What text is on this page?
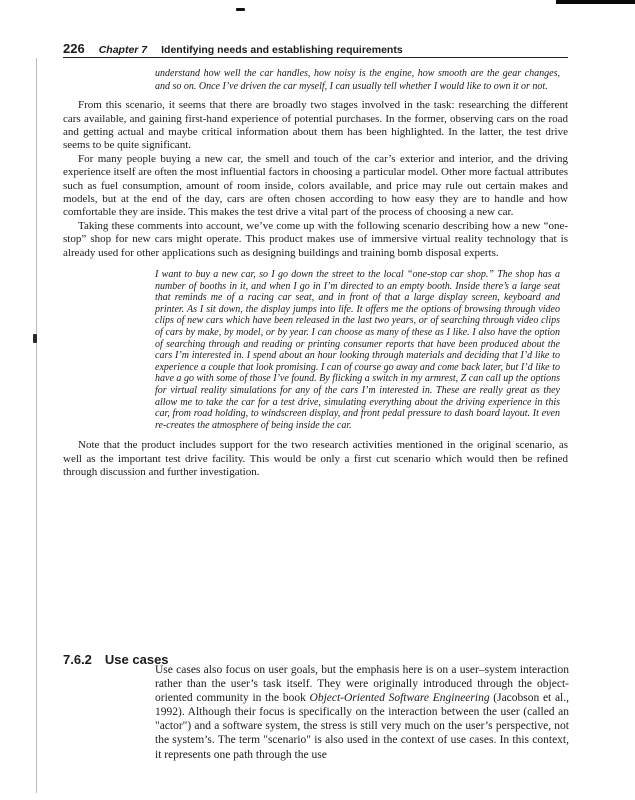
226 Chapter 7 Identifying needs and establishing requirements

understand how well the car handles, how noisy is the engine, how smooth are the gear changes, and so on. Once I’ve driven the car myself, I can usually tell whether I would like to own it or not.

From this scenario, it seems that there are broadly two stages involved in the task: researching the different cars available, and gaining first-hand experience of potential purchases. In the former, observing cars on the road and getting actual and maybe critical information about them has been highlighted. In the latter, the test drive seems to be quite significant.

For many people buying a new car, the smell and touch of the car’s exterior and interior, and the driving experience itself are often the most influential factors in choosing a particular model. Other more factual attributes such as fuel consumption, amount of room inside, colors available, and price may rule out certain makes and models, but at the end of the day, cars are often chosen according to how easy they are to handle and how comfortable they are inside. This makes the test drive a vital part of the process of choosing a new car.

Taking these comments into account, we’ve come up with the following scenario describing how a new “one-stop” shop for new cars might operate. This product makes use of immersive virtual reality technology that is already used for other applications such as designing buildings and training bomb disposal experts.

I want to buy a new car, so I go down the street to the local “one-stop car shop.” The shop has a number of booths in it, and when I go in I’m directed to an empty booth. Inside there’s a large seat that reminds me of a racing car seat, and in front of that a large display screen, keyboard and printer. As I sit down, the display jumps into life. It offers me the options of browsing through video clips of new cars which have been released in the last two years, or of searching through video clips of cars by make, by model, or by year. I can choose as many of these as I like. I also have the option of searching through and reading or printing consumer reports that have been produced about the cars I’m interested in. I spend about an hour looking through materials and deciding that I’d like to experience a couple that look promising. I can of course go away and come back later, but I’d like to have a go with some of those I’ve found. By flicking a switch in my armrest, Z can call up the options for virtual reality simulations for any of the cars I’m interested in. These are really great as they allow me to take the car for a test drive, simulating everything about the driving experience in this car, from road holding, to windscreen display, and front pedal pressure to dash board layout. It even re-creates the atmosphere of being inside the car.

Note that the product includes support for the two research activities mentioned in the original scenario, as well as the important test drive facility. This would be only a first cut scenario which would then be refined through discussion and further investigation.

7.6.2 Use cases

Use cases also focus on user goals, but the emphasis here is on a user–system interaction rather than the user’s task itself. They were originally introduced through the object-oriented community in the book Object-Oriented Software Engineering (Jacobson et al., 1992). Although their focus is specifically on the interaction between the user (called an "actor") and a software system, the stress is still very much on the user’s perspective, not the system’s. The term "scenario" is also used in the context of use cases. In this context, it represents one path through the use
